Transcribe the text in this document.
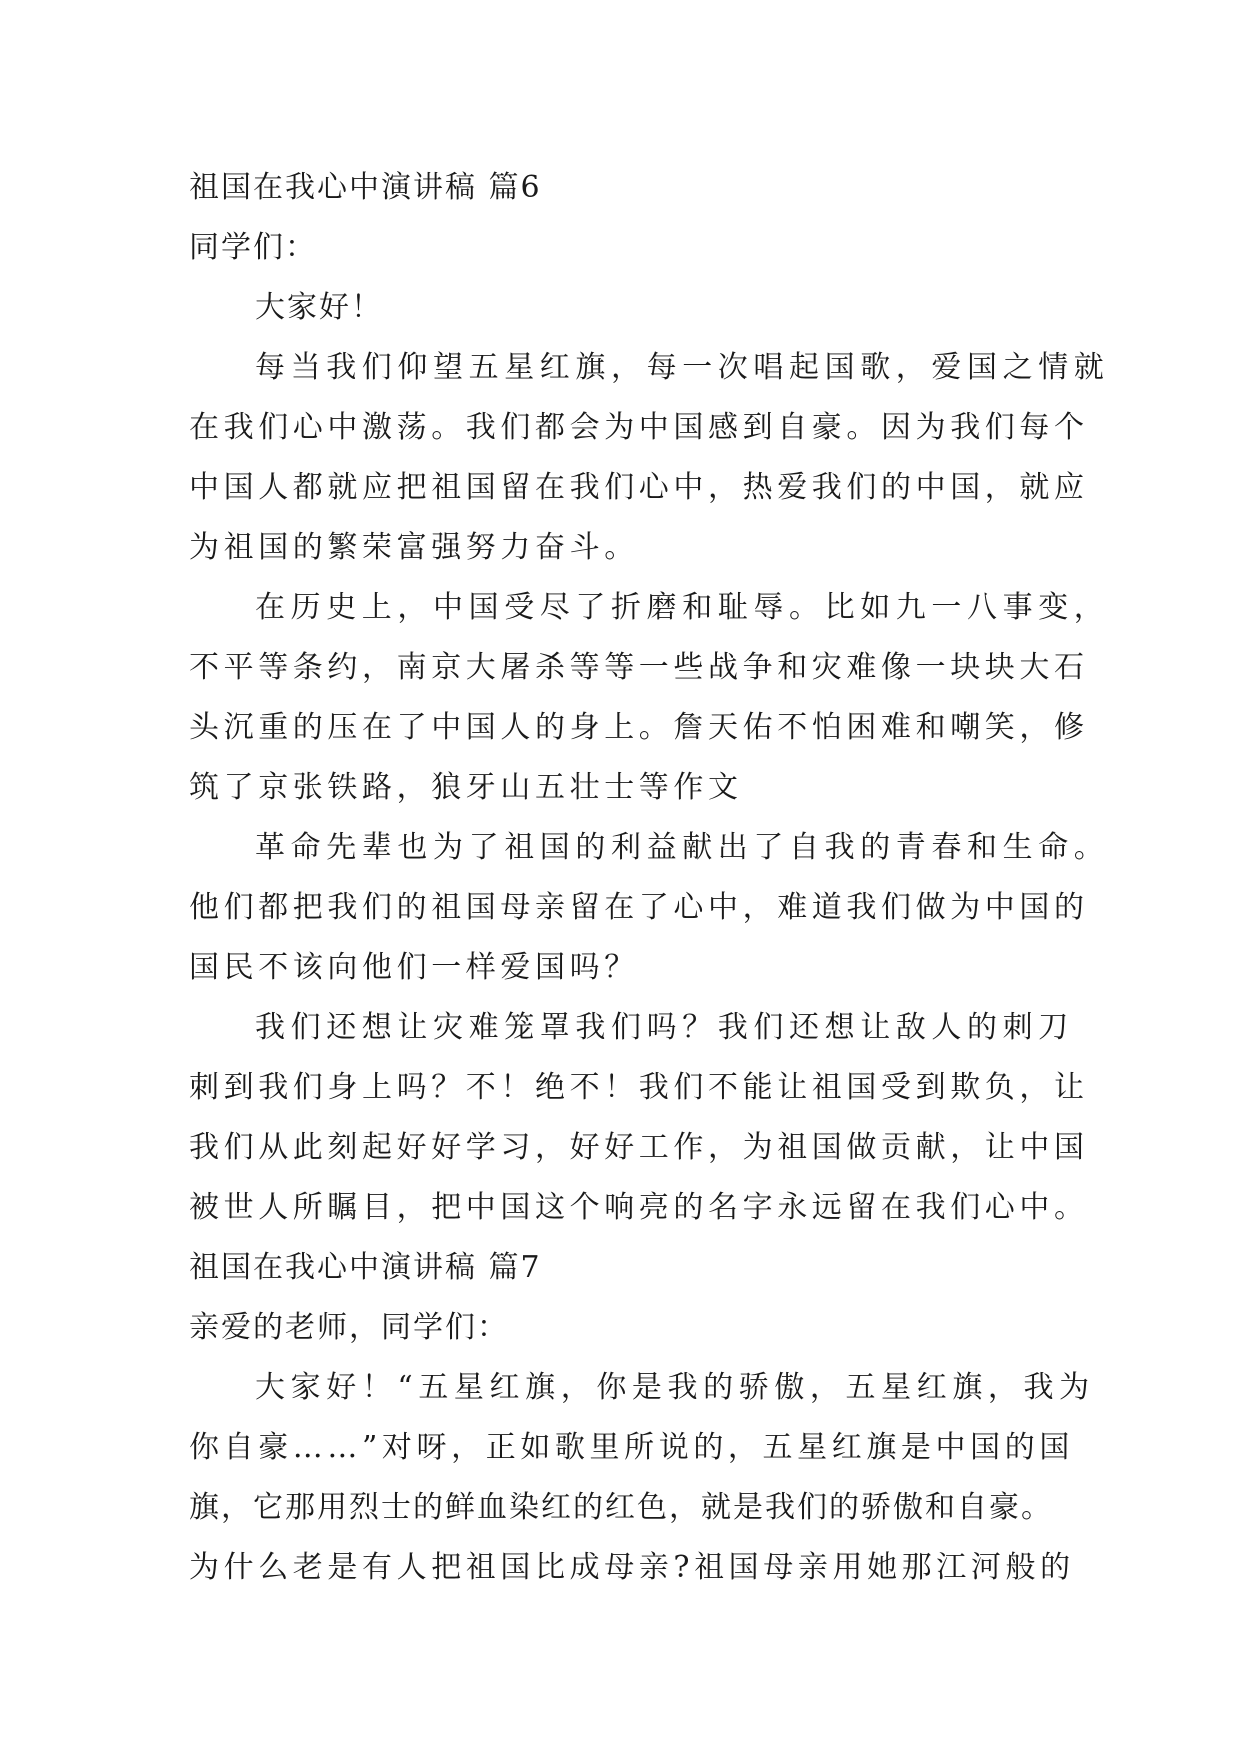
祖国在我心中演讲稿 篇6
同学们：
大家好！
每当我们仰望五星红旗，每一次唱起国歌，爱国之情就
在我们心中激荡。我们都会为中国感到自豪。因为我们每个
中国人都就应把祖国留在我们心中，热爱我们的中国，就应
为祖国的繁荣富强努力奋斗。
在历史上，中国受尽了折磨和耻辱。比如九一八事变，
不平等条约，南京大屠杀等等一些战争和灾难像一块块大石
头沉重的压在了中国人的身上。詹天佑不怕困难和嘲笑，修
筑了京张铁路，狼牙山五壮士等作文
革命先辈也为了祖国的利益献出了自我的青春和生命。
他们都把我们的祖国母亲留在了心中，难道我们做为中国的
国民不该向他们一样爱国吗？
我们还想让灾难笼罩我们吗？我们还想让敌人的刺刀
刺到我们身上吗？不！绝不！我们不能让祖国受到欺负，让
我们从此刻起好好学习，好好工作，为祖国做贡献，让中国
被世人所瞩目，把中国这个响亮的名字永远留在我们心中。
祖国在我心中演讲稿 篇7
亲爱的老师，同学们：
大家好！“五星红旗，你是我的骄傲，五星红旗，我为
你自豪……”对呀，正如歌里所说的，五星红旗是中国的国
旗，它那用烈士的鲜血染红的红色，就是我们的骄傲和自豪。
为什么老是有人把祖国比成母亲?祖国母亲用她那江河般的
